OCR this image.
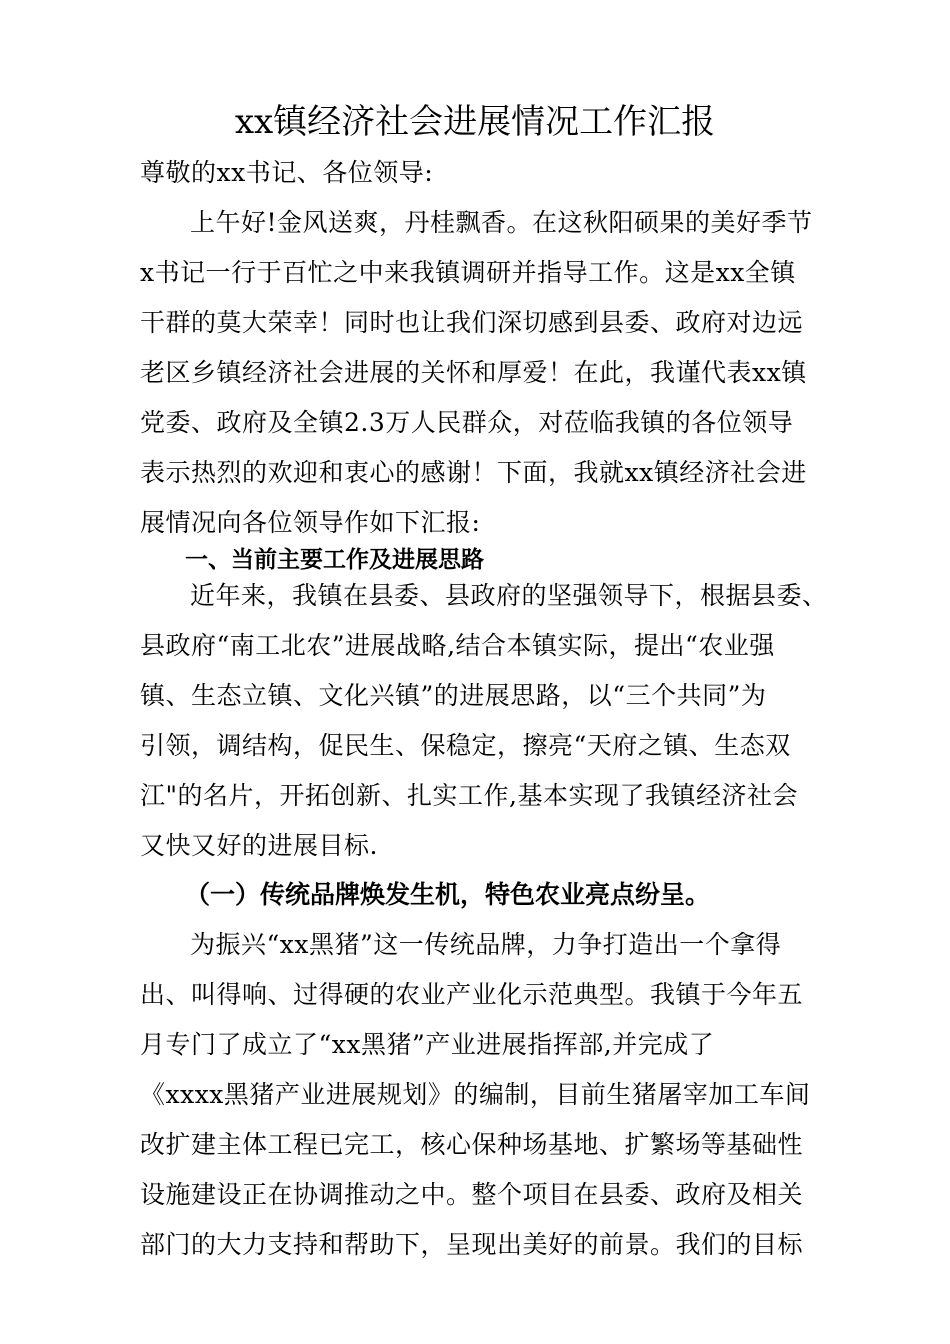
xx镇经济社会进展情况工作汇报
尊敬的xx书记、各位领导:
上午好!金风送爽，丹桂飘香。在这秋阳硕果的美好季节
x书记一行于百忙之中来我镇调研并指导工作。这是xx全镇
干群的莫大荣幸！同时也让我们深切感到县委、政府对边远
老区乡镇经济社会进展的关怀和厚爱！在此，我谨代表xx镇
党委、政府及全镇2.3万人民群众，对莅临我镇的各位领导
表示热烈的欢迎和衷心的感谢！下面，我就xx镇经济社会进
展情况向各位领导作如下汇报:
一、当前主要工作及进展思路
近年来，我镇在县委、县政府的坚强领导下，根据县委、
县政府“南工北农”进展战略,结合本镇实际，提出“农业强
镇、生态立镇、文化兴镇”的进展思路，以“三个共同”为
引领，调结构，促民生、保稳定，擦亮“天府之镇、生态双
江"的名片，开拓创新、扎实工作,基本实现了我镇经济社会
又快又好的进展目标.
（一）传统品牌焕发生机，特色农业亮点纷呈。
为振兴“xx黑猪”这一传统品牌，力争打造出一个拿得
出、叫得响、过得硬的农业产业化示范典型。我镇于今年五
月专门了成立了“xx黑猪”产业进展指挥部,并完成了
《xxxx黑猪产业进展规划》的编制，目前生猪屠宰加工车间
改扩建主体工程已完工，核心保种场基地、扩繁场等基础性
设施建设正在协调推动之中。整个项目在县委、政府及相关
部门的大力支持和帮助下，呈现出美好的前景。我们的目标
